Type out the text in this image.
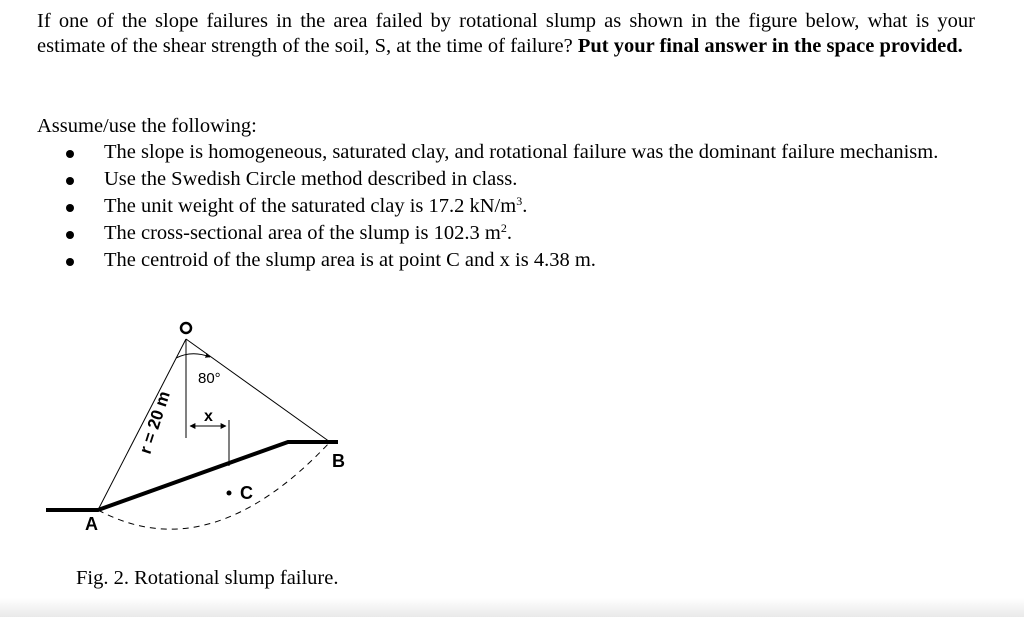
If one of the slope failures in the area failed by rotational slump as shown in the figure below, what is your estimate of the shear strength of the soil, S, at the time of failure? Put your final answer in the space provided.
Assume/use the following:
The slope is homogeneous, saturated clay, and rotational failure was the dominant failure mechanism.
Use the Swedish Circle method described in class.
The unit weight of the saturated clay is 17.2 $kN/m^3$.
The cross-sectional area of the slump is 102.3 $m^2$.
The centroid of the slump area is at point C and x is 4.38 m.
r = 20 m
80°
x
C
A
B
Fig. 2. Rotational slump failure.
